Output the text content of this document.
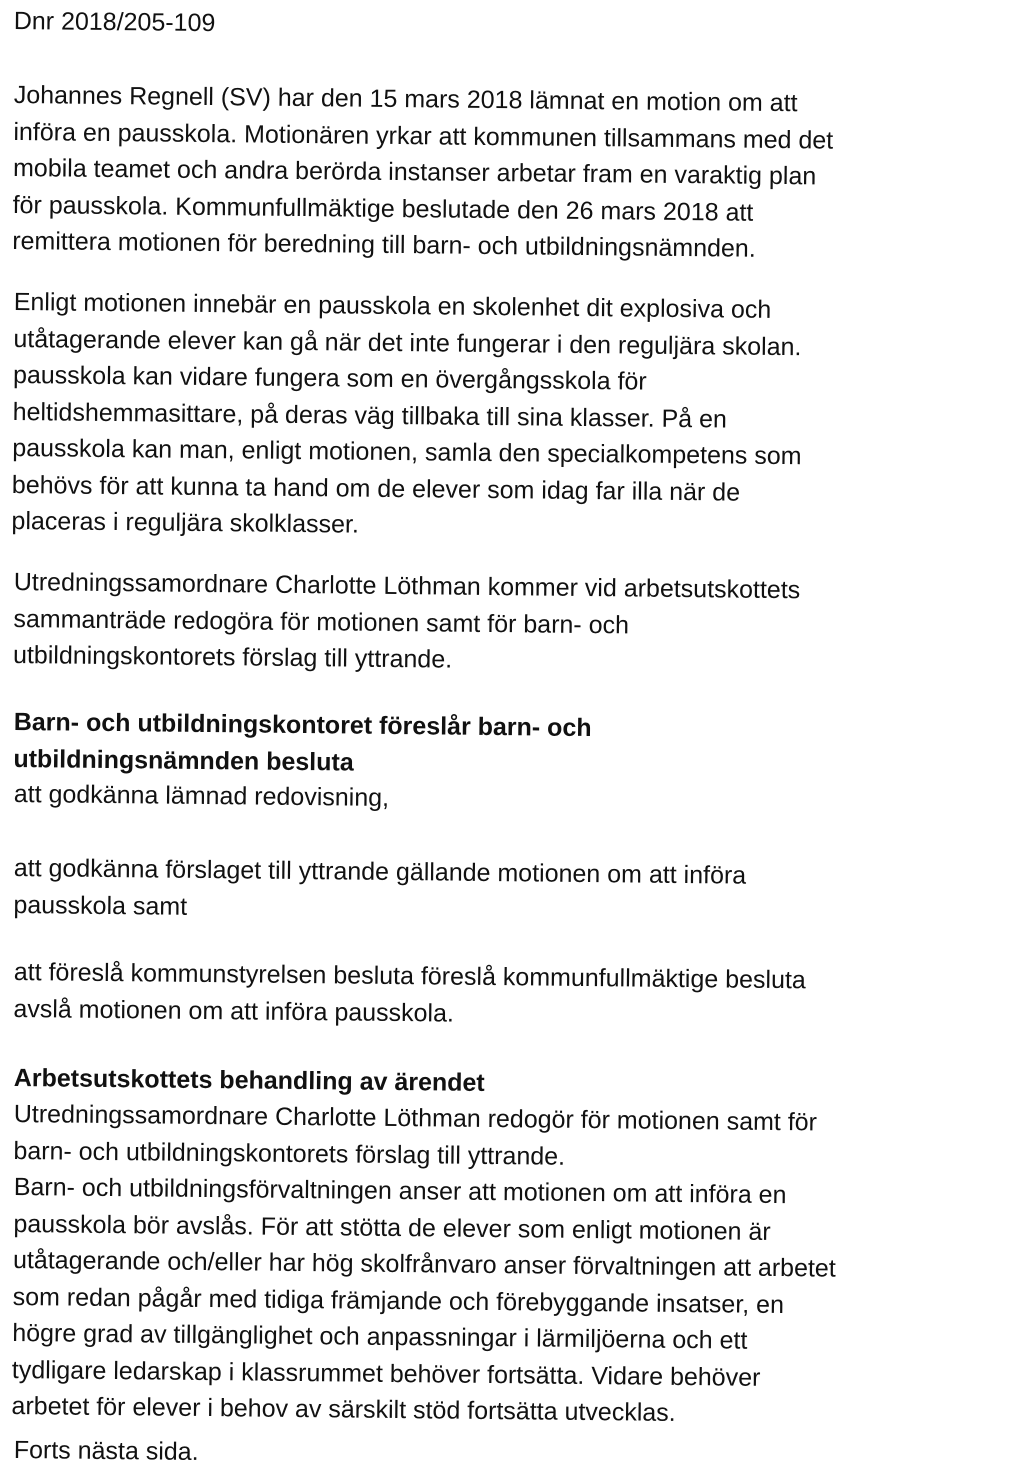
Dnr 2018/205-109

Johannes Regnell (SV) har den 15 mars 2018 lämnat en motion om att
införa en pausskola. Motionären yrkar att kommunen tillsammans med det
mobila teamet och andra berörda instanser arbetar fram en varaktig plan
för pausskola. Kommunfullmäktige beslutade den 26 mars 2018 att
remittera motionen för beredning till barn- och utbildningsnämnden.

Enligt motionen innebär en pausskola en skolenhet dit explosiva och
utåtagerande elever kan gå när det inte fungerar i den reguljära skolan.
pausskola kan vidare fungera som en övergångsskola för
heltidshemmasittare, på deras väg tillbaka till sina klasser. På en
pausskola kan man, enligt motionen, samla den specialkompetens som
behövs för att kunna ta hand om de elever som idag far illa när de
placeras i reguljära skolklasser.

Utredningssamordnare Charlotte Löthman kommer vid arbetsutskottets
sammanträde redogöra för motionen samt för barn- och
utbildningskontorets förslag till yttrande.

Barn- och utbildningskontoret föreslår barn- och
utbildningsnämnden besluta

att godkänna lämnad redovisning,

att godkänna förslaget till yttrande gällande motionen om att införa
pausskola samt

att föreslå kommunstyrelsen besluta föreslå kommunfullmäktige besluta
avslå motionen om att införa pausskola.

Arbetsutskottets behandling av ärendet

Utredningssamordnare Charlotte Löthman redogör för motionen samt för
barn- och utbildningskontorets förslag till yttrande.

Barn- och utbildningsförvaltningen anser att motionen om att införa en
pausskola bör avslås. För att stötta de elever som enligt motionen är
utåtagerande och/eller har hög skolfrånvaro anser förvaltningen att arbetet
som redan pågår med tidiga främjande och förebyggande insatser, en
högre grad av tillgänglighet och anpassningar i lärmiljöerna och ett
tydligare ledarskap i klassrummet behöver fortsätta. Vidare behöver
arbetet för elever i behov av särskilt stöd fortsätta utvecklas.

Forts nästa sida.
